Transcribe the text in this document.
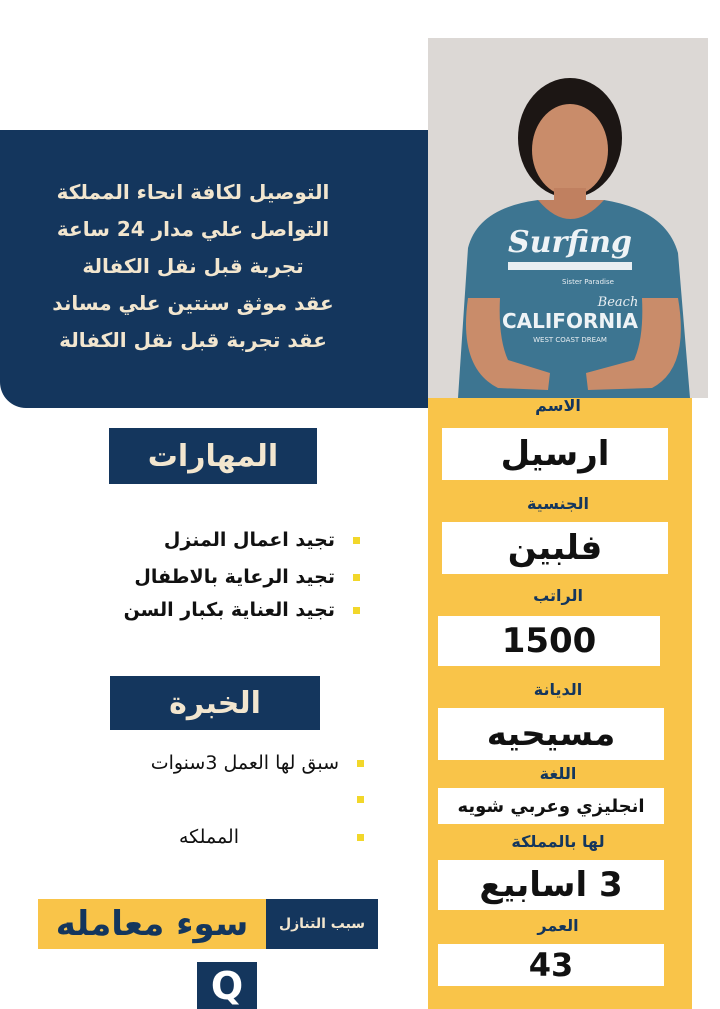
التوصيل لكافة انحاء المملكة
التواصل علي مدار 24 ساعة
تجربة قبل نقل الكفالة
عقد موثق سنتين علي مساند
عقد تجربة قبل نقل الكفالة
Surfing
Sister Paradise
Beach
CALIFORNIA
WEST COAST DREAM
الاسم
ارسيل
الجنسية
فلبين
الراتب
1500
الديانة
مسيحيه
اللغة
انجليزي وعربي شويه
لها بالمملكة
3 اسابيع
العمر
43
المهارات
تجيد اعمال المنزل
تجيد الرعاية بالاطفال
تجيد العناية بكبار السن
الخبرة
سبق لها العمل 3سنوات
المملكه
سبب التنازل
سوء معامله
Q
